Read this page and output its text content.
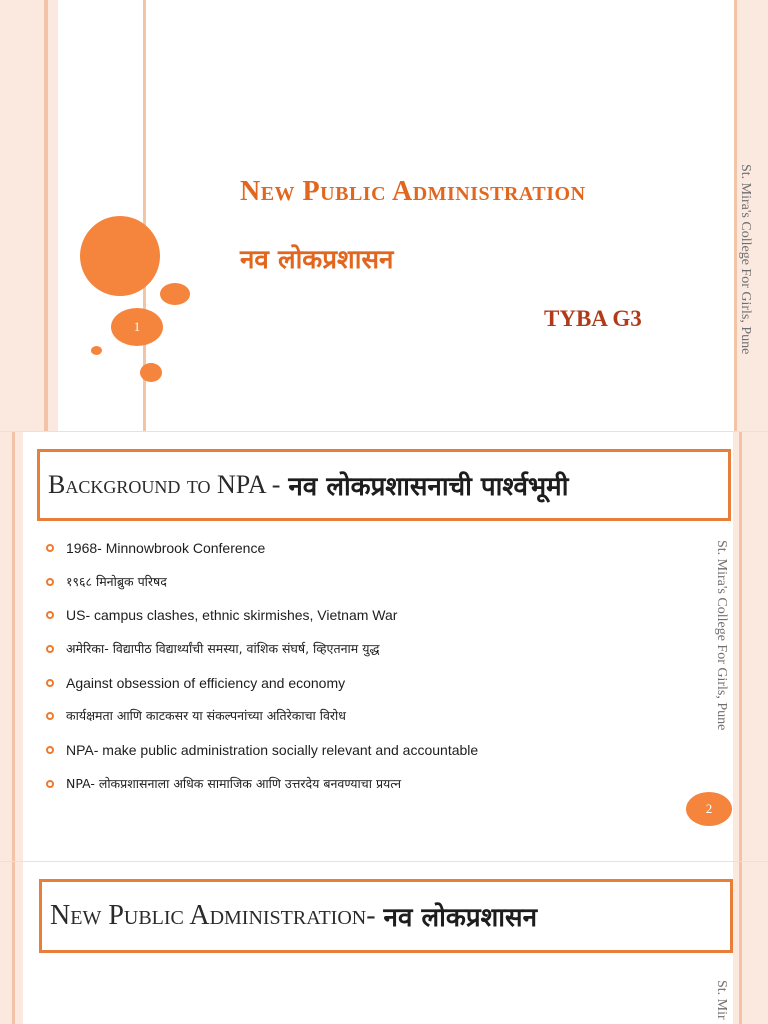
1
New Public Administration
नव लोकप्रशासन
TYBA G3	St. Mira's College For Girls, Pune
Background to NPA - नव लोकप्रशासनाची पार्श्वभूमी
1968- Minnowbrook Conference
१९६८ मिनोब्रुक परिषद
US- campus clashes, ethnic skirmishes, Vietnam War
अमेरिका- विद्यापीठ विद्यार्थ्यांची समस्या, वांशिक संघर्ष, व्हिएतनाम युद्ध
Against obsession of efficiency and economy
कार्यक्षमता आणि काटकसर या संकल्पनांच्या अतिरेकाचा विरोध
NPA- make public administration socially relevant and accountable
NPA- लोकप्रशासनाला अधिक सामाजिक आणि उत्तरदेय बनवण्याचा प्रयत्न
2
St. Mira's College For Girls, Pune
New Public Administration- नव लोकप्रशासन
St. Mir
